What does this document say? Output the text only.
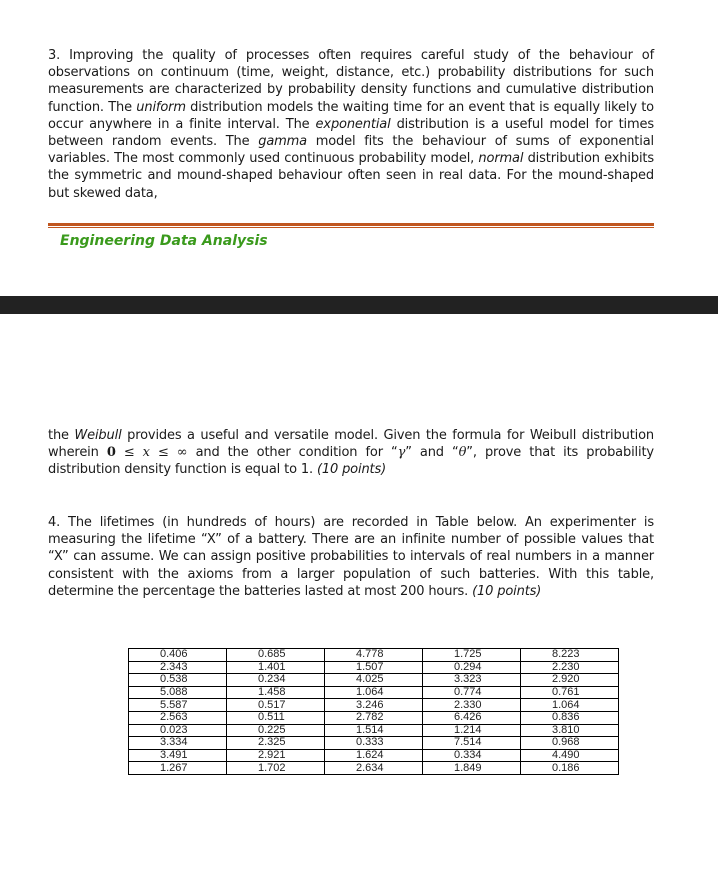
3. Improving the quality of processes often requires careful study of the behaviour of observations on continuum (time, weight, distance, etc.) probability distributions for such measurements are characterized by probability density functions and cumulative distribution function. The uniform distribution models the waiting time for an event that is equally likely to occur anywhere in a finite interval. The exponential distribution is a useful model for times between random events. The gamma model fits the behaviour of sums of exponential variables. The most commonly used continuous probability model, normal distribution exhibits the symmetric and mound-shaped behaviour often seen in real data. For the mound-shaped but skewed data,

Engineering Data Analysis

the Weibull provides a useful and versatile model. Given the formula for Weibull distribution wherein 0 ≤ x ≤ ∞ and the other condition for “γ” and “θ”, prove that its probability distribution density function is equal to 1. (10 points)

4. The lifetimes (in hundreds of hours) are recorded in Table below. An experimenter is measuring the lifetime “X” of a battery. There are an infinite number of possible values that “X” can assume. We can assign positive probabilities to intervals of real numbers in a manner consistent with the axioms from a larger population of such batteries. With this table, determine the percentage the batteries lasted at most 200 hours. (10 points)

0.406	0.685	4.778	1.725	8.223
2.343	1.401	1.507	0.294	2.230
0.538	0.234	4.025	3.323	2.920
5.088	1.458	1.064	0.774	0.761
5.587	0.517	3.246	2.330	1.064
2.563	0.511	2.782	6.426	0.836
0.023	0.225	1.514	1.214	3.810
3.334	2.325	0.333	7.514	0.968
3.491	2.921	1.624	0.334	4.490
1.267	1.702	2.634	1.849	0.186
